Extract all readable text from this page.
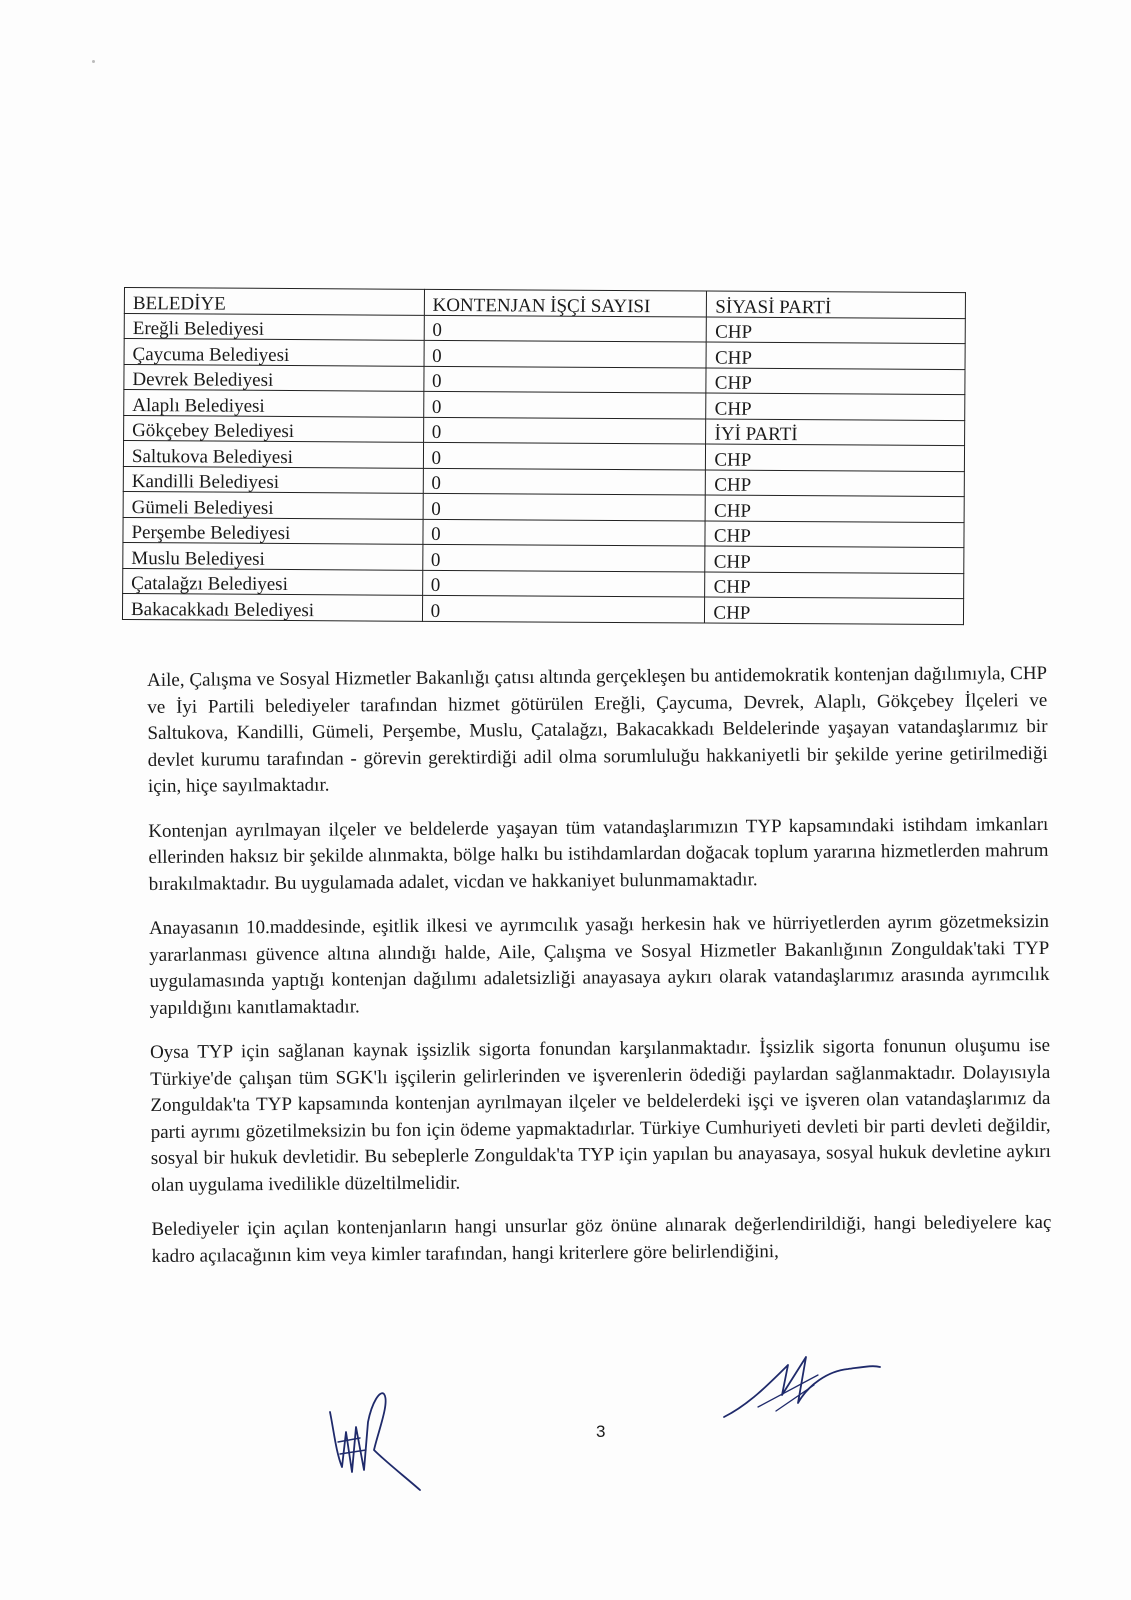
BELEDİYE	KONTENJAN İŞÇİ SAYISI	SİYASİ PARTİ
Ereğli Belediyesi	0	CHP
Çaycuma Belediyesi	0	CHP
Devrek Belediyesi	0	CHP
Alaplı Belediyesi	0	CHP
Gökçebey Belediyesi	0	İYİ PARTİ
Saltukova Belediyesi	0	CHP
Kandilli Belediyesi	0	CHP
Gümeli Belediyesi	0	CHP
Perşembe Belediyesi	0	CHP
Muslu Belediyesi	0	CHP
Çatalağzı Belediyesi	0	CHP
Bakacakkadı Belediyesi	0	CHP

Aile, Çalışma ve Sosyal Hizmetler Bakanlığı çatısı altında gerçekleşen bu antidemokratik kontenjan dağılımıyla, CHP ve İyi Partili belediyeler tarafından hizmet götürülen Ereğli, Çaycuma, Devrek, Alaplı, Gökçebey İlçeleri ve Saltukova, Kandilli, Gümeli, Perşembe, Muslu, Çatalağzı, Bakacakkadı Beldelerinde yaşayan vatandaşlarımız bir devlet kurumu tarafından - görevin gerektirdiği adil olma sorumluluğu hakkaniyetli bir şekilde yerine getirilmediği için, hiçe sayılmaktadır.

Kontenjan ayrılmayan ilçeler ve beldelerde yaşayan tüm vatandaşlarımızın TYP kapsamındaki istihdam imkanları ellerinden haksız bir şekilde alınmakta, bölge halkı bu istihdamlardan doğacak toplum yararına hizmetlerden mahrum bırakılmaktadır. Bu uygulamada adalet, vicdan ve hakkaniyet bulunmamaktadır.

Anayasanın 10.maddesinde, eşitlik ilkesi ve ayrımcılık yasağı herkesin hak ve hürriyetlerden ayrım gözetmeksizin yararlanması güvence altına alındığı halde, Aile, Çalışma ve Sosyal Hizmetler Bakanlığının Zonguldak'taki TYP uygulamasında yaptığı kontenjan dağılımı adaletsizliği anayasaya aykırı olarak vatandaşlarımız arasında ayrımcılık yapıldığını kanıtlamaktadır.

Oysa TYP için sağlanan kaynak işsizlik sigorta fonundan karşılanmaktadır. İşsizlik sigorta fonunun oluşumu ise Türkiye'de çalışan tüm SGK'lı işçilerin gelirlerinden ve işverenlerin ödediği paylardan sağlanmaktadır. Dolayısıyla Zonguldak'ta TYP kapsamında kontenjan ayrılmayan ilçeler ve beldelerdeki işçi ve işveren olan vatandaşlarımız da parti ayrımı gözetilmeksizin bu fon için ödeme yapmaktadırlar. Türkiye Cumhuriyeti devleti bir parti devleti değildir, sosyal bir hukuk devletidir. Bu sebeplerle Zonguldak'ta TYP için yapılan bu anayasaya, sosyal hukuk devletine aykırı olan uygulama ivedilikle düzeltilmelidir.

Belediyeler için açılan kontenjanların hangi unsurlar göz önüne alınarak değerlendirildiği, hangi belediyelere kaç kadro açılacağının kim veya kimler tarafından, hangi kriterlere göre belirlendiğini,

3
